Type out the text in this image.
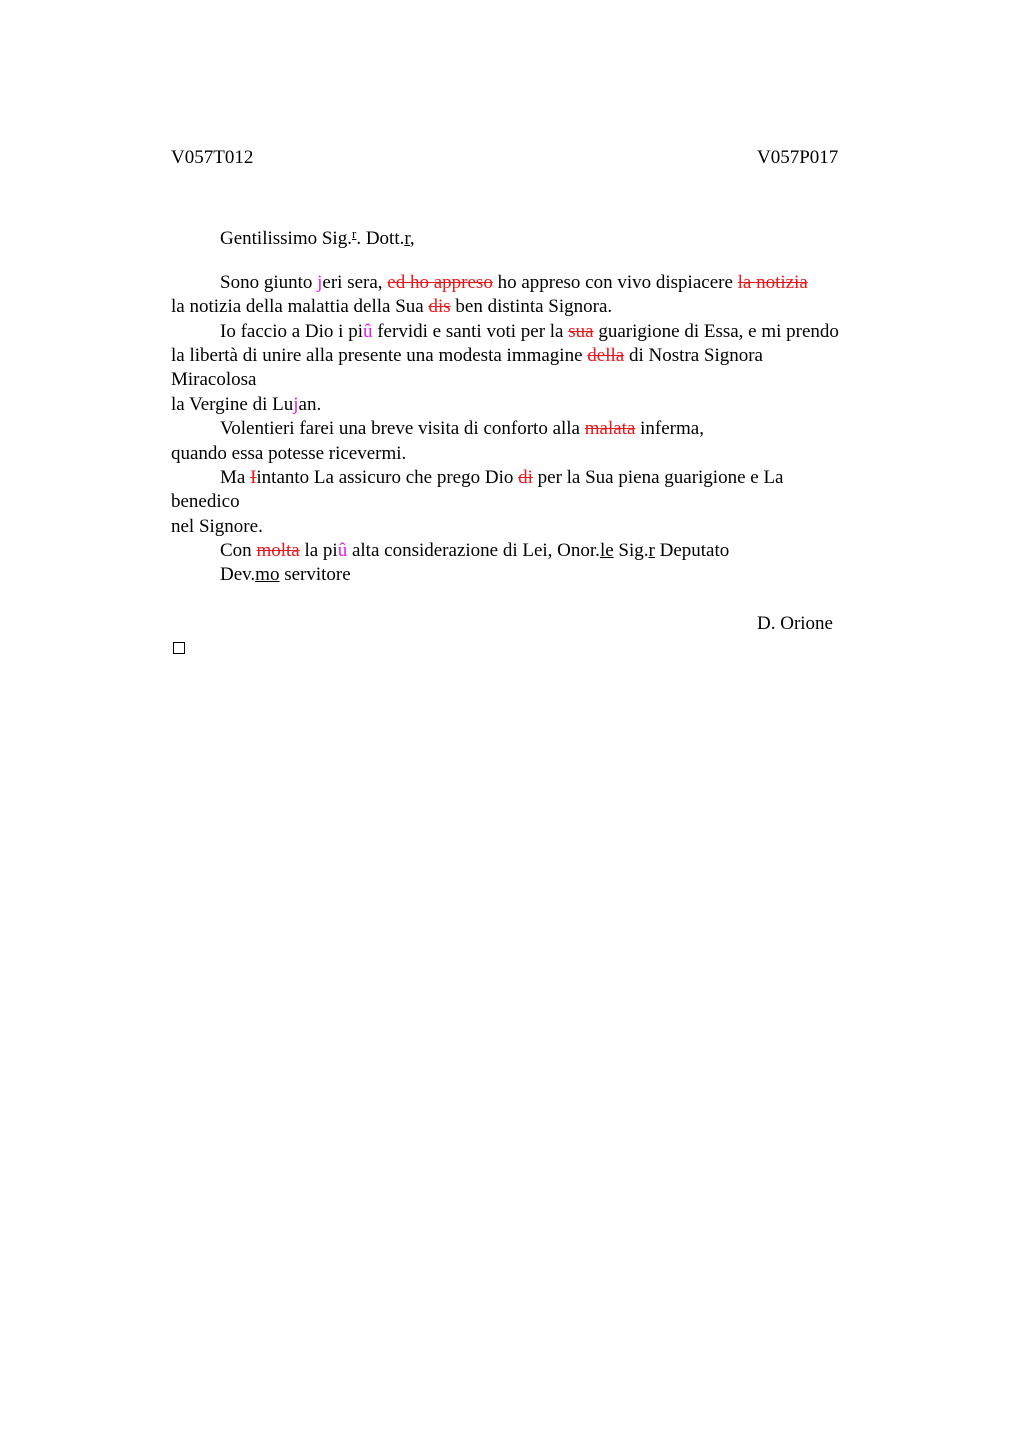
V057T012	V057P017
Gentilissimo Sig.$^r$. Dott.r,
Sono giunto jeri sera, ed ho appreso ho appreso con vivo dispiacere la notizia
la notizia della malattia della Sua dis ben distinta Signora.
Io faccio a Dio i piû fervidi e santi voti per la sua guarigione di Essa, e mi prendo
la libertà di unire alla presente una modesta immagine della di Nostra Signora
Miracolosa
la Vergine di Lujan.
Volentieri farei una breve visita di conforto alla malata inferma,
quando essa potesse ricevermi.
Ma Iintanto La assicuro che prego Dio di per la Sua piena guarigione e La
benedico
nel Signore.
Con molta la piû alta considerazione di Lei, Onor.le Sig.r Deputato
Dev.mo servitore
D. Orione
